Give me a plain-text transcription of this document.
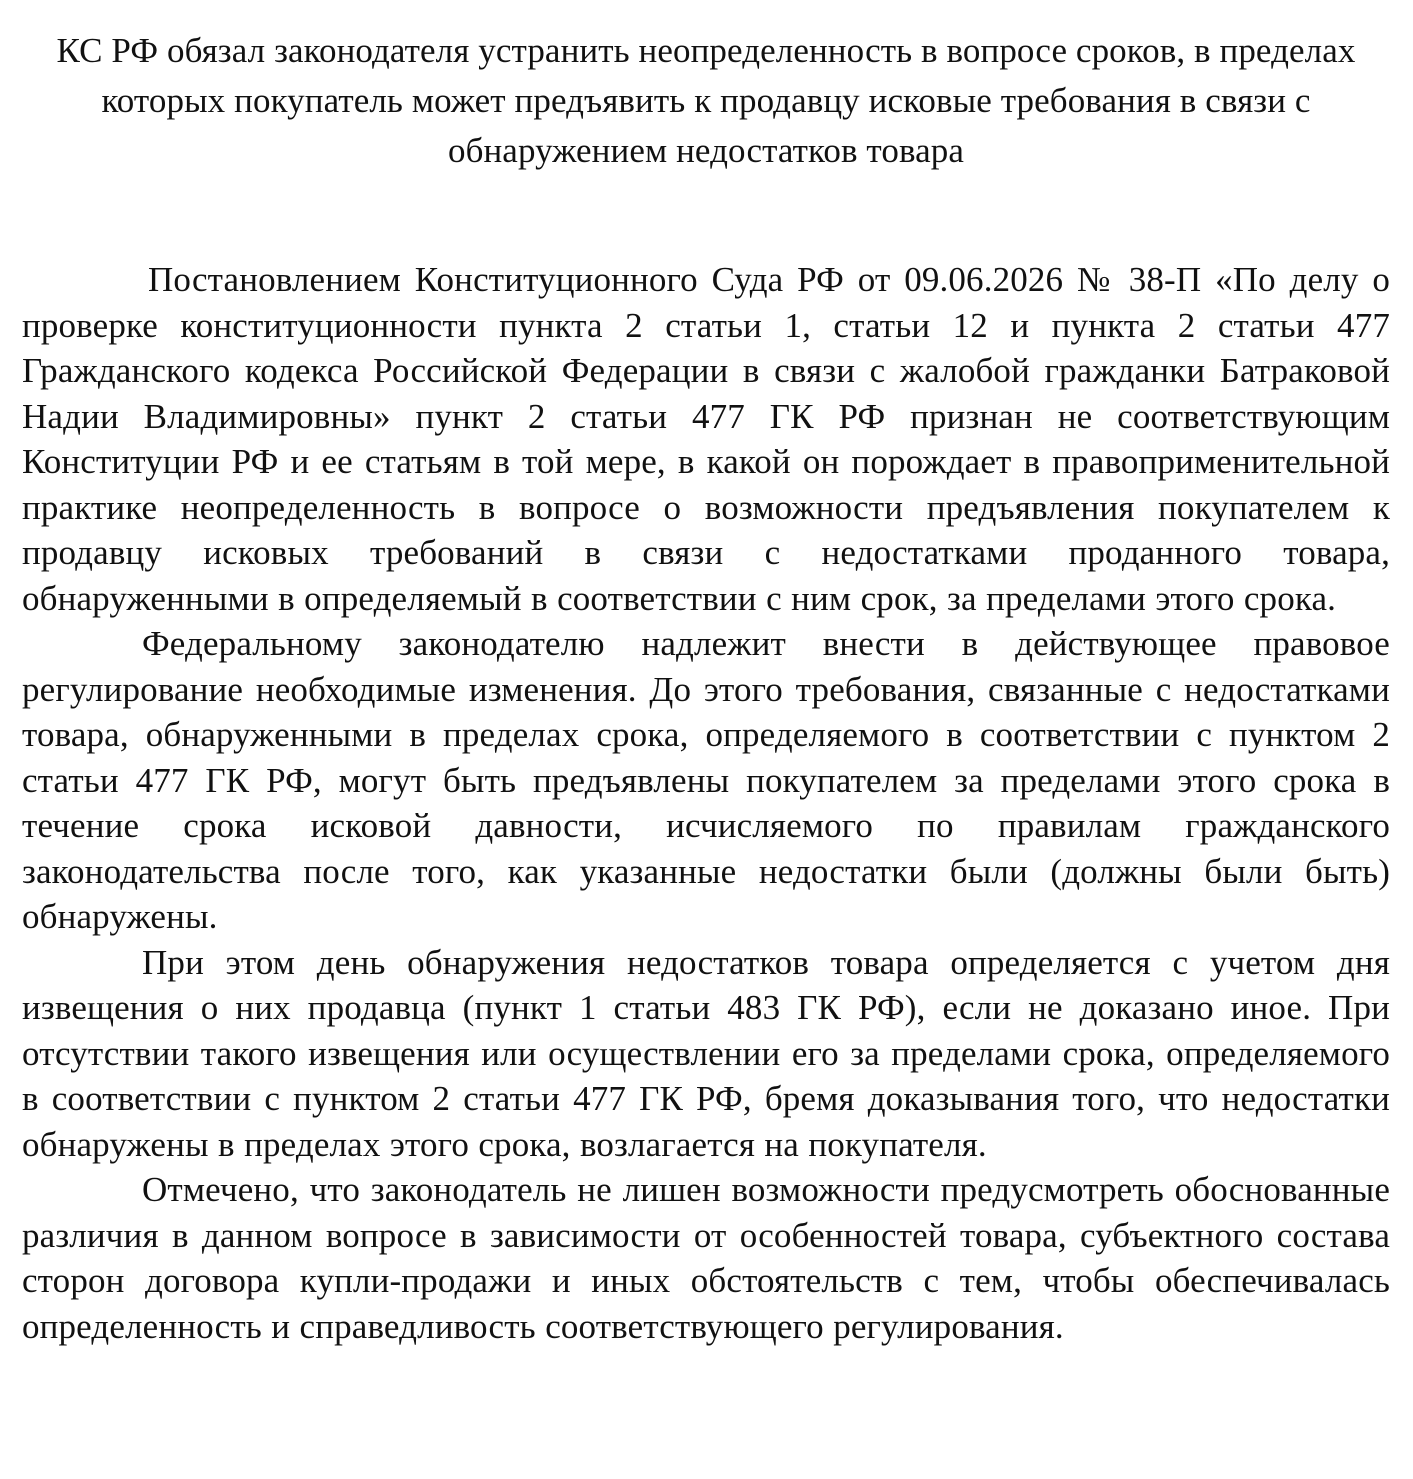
КС РФ обязал законодателя устранить неопределенность в вопросе сроков, в пределах которых покупатель может предъявить к продавцу исковые требования в связи с обнаружением недостатков товара

Постановлением Конституционного Суда РФ от 09.06.2026 № 38-П «По делу о проверке конституционности пункта 2 статьи 1, статьи 12 и пункта 2 статьи 477 Гражданского кодекса Российской Федерации в связи с жалобой гражданки Батраковой Надии Владимировны» пункт 2 статьи 477 ГК РФ признан не соответствующим Конституции РФ и ее статьям в той мере, в какой он порождает в правоприменительной практике неопределенность в вопросе о возможности предъявления покупателем к продавцу исковых требований в связи с недостатками проданного товара, обнаруженными в определяемый в соответствии с ним срок, за пределами этого срока.

Федеральному законодателю надлежит внести в действующее правовое регулирование необходимые изменения. До этого требования, связанные с недостатками товара, обнаруженными в пределах срока, определяемого в соответствии с пунктом 2 статьи 477 ГК РФ, могут быть предъявлены покупателем за пределами этого срока в течение срока исковой давности, исчисляемого по правилам гражданского законодательства после того, как указанные недостатки были (должны были быть) обнаружены.

При этом день обнаружения недостатков товара определяется с учетом дня извещения о них продавца (пункт 1 статьи 483 ГК РФ), если не доказано иное. При отсутствии такого извещения или осуществлении его за пределами срока, определяемого в соответствии с пунктом 2 статьи 477 ГК РФ, бремя доказывания того, что недостатки обнаружены в пределах этого срока, возлагается на покупателя.

Отмечено, что законодатель не лишен возможности предусмотреть обоснованные различия в данном вопросе в зависимости от особенностей товара, субъектного состава сторон договора купли-продажи и иных обстоятельств с тем, чтобы обеспечивалась определенность и справедливость соответствующего регулирования.
